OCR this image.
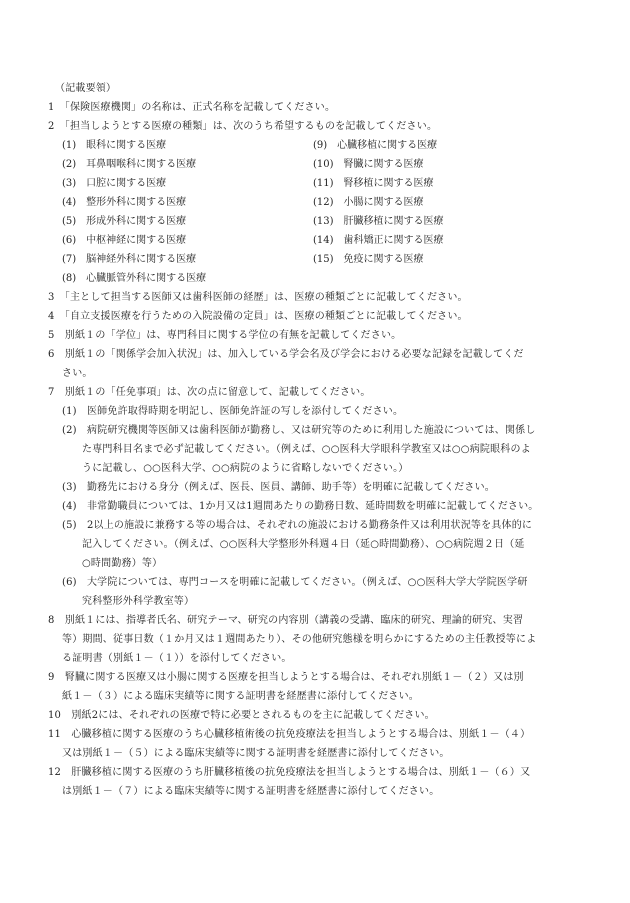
（記載要領）
1　「保険医療機関」の名称は、正式名称を記載してください。
2　「担当しようとする医療の種類」は、次のうち希望するものを記載してください。
(1)　眼科に関する医療
(2)　耳鼻咽喉科に関する医療
(3)　口腔に関する医療
(4)　整形外科に関する医療
(5)　形成外科に関する医療
(6)　中枢神経に関する医療
(7)　脳神経外科に関する医療
(8)　心臓脈管外科に関する医療
(9)　心臓移植に関する医療
(10)　腎臓に関する医療
(11)　腎移植に関する医療
(12)　小腸に関する医療
(13)　肝臓移植に関する医療
(14)　歯科矯正に関する医療
(15)　免疫に関する医療
3　「主として担当する医師又は歯科医師の経歴」は、医療の種類ごとに記載してください。
4　「自立支援医療を行うための入院設備の定員」は、医療の種類ごとに記載してください。
5　別紙１の「学位」は、専門科目に関する学位の有無を記載してください。
6　別紙１の「関係学会加入状況」は、加入している学会名及び学会における必要な記録を記載してくだ
さい。
7　別紙１の「任免事項」は、次の点に留意して、記載してください。
(1)　医師免許取得時期を明記し、医師免許証の写しを添付してください。
(2)　病院研究機関等医師又は歯科医師が勤務し、又は研究等のために利用した施設については、関係し
た専門科目名まで必ず記載してください。（例えば、○○医科大学眼科学教室又は○○病院眼科のよ
うに記載し、○○医科大学、○○病院のように省略しないでください。）
(3)　勤務先における身分（例えば、医長、医員、講師、助手等）を明確に記載してください。
(4)　非常勤職員については、1か月又は1週間あたりの勤務日数、延時間数を明確に記載してください。
(5)　2以上の施設に兼務する等の場合は、それぞれの施設における勤務条件又は利用状況等を具体的に
記入してください。（例えば、○○医科大学整形外科週４日（延○時間勤務）、○○病院週２日（延
○時間勤務）等）
(6)　大学院については、専門コースを明確に記載してください。（例えば、○○医科大学大学院医学研
究科整形外科学教室等）
8　別紙１には、指導者氏名、研究テーマ、研究の内容別（講義の受講、臨床的研究、理論的研究、実習
等）期間、従事日数（１か月又は１週間あたり）、その他研究態様を明らかにするための主任教授等によ
る証明書（別紙１－（１））を添付してください。
9　腎臓に関する医療又は小腸に関する医療を担当しようとする場合は、それぞれ別紙１－（２）又は別
紙１－（３）による臨床実績等に関する証明書を経歴書に添付してください。
10　別紙2には、それぞれの医療で特に必要とされるものを主に記載してください。
11　心臓移植に関する医療のうち心臓移植術後の抗免疫療法を担当しようとする場合は、別紙１－（４）
又は別紙１－（５）による臨床実績等に関する証明書を経歴書に添付してください。
12　肝臓移植に関する医療のうち肝臓移植後の抗免疫療法を担当しようとする場合は、別紙１－（６）又
は別紙１－（７）による臨床実績等に関する証明書を経歴書に添付してください。
